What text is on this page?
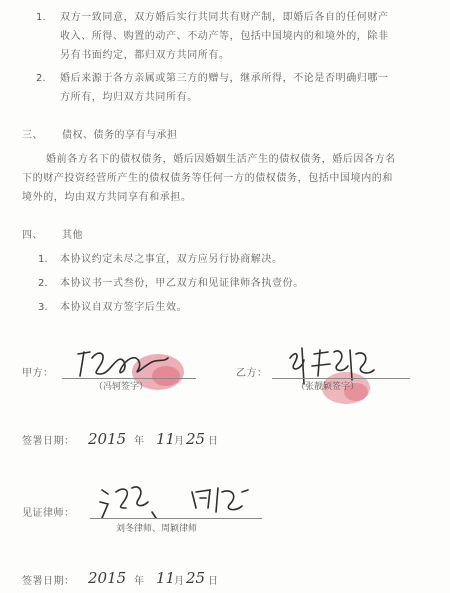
1. 双方一致同意，双方婚后实行共同共有财产制，即婚后各自的任何财产
收入、所得、购置的动产、不动产等，包括中国境内的和境外的，除非
另有书面约定，都归双方共同所有。
2. 婚后来源于各方亲属或第三方的赠与，继承所得，不论是否明确归哪一
方所有，均归双方共同所有。
三、 债权、债务的享有与承担
婚前各方名下的债权债务，婚后因婚姻生活产生的债权债务，婚后因各方名
下的财产投资经营所产生的债权债务等任何一方的债权债务，包括中国境内的和
境外的，均由双方共同享有和承担。
四、 其他
1. 本协议约定未尽之事宜，双方应另行协商解决。
2. 本协议书一式叁份，甲乙双方和见证律师各执壹份。
3. 本协议自双方签字后生效。
甲方：
（冯轲签字）
乙方：
（张靓颖签字）
签署日期： 2015 年 11
月 25 日
见证律师：
刘冬律师、周颖律师
签署日期： 2015 年 11
月 25 日
